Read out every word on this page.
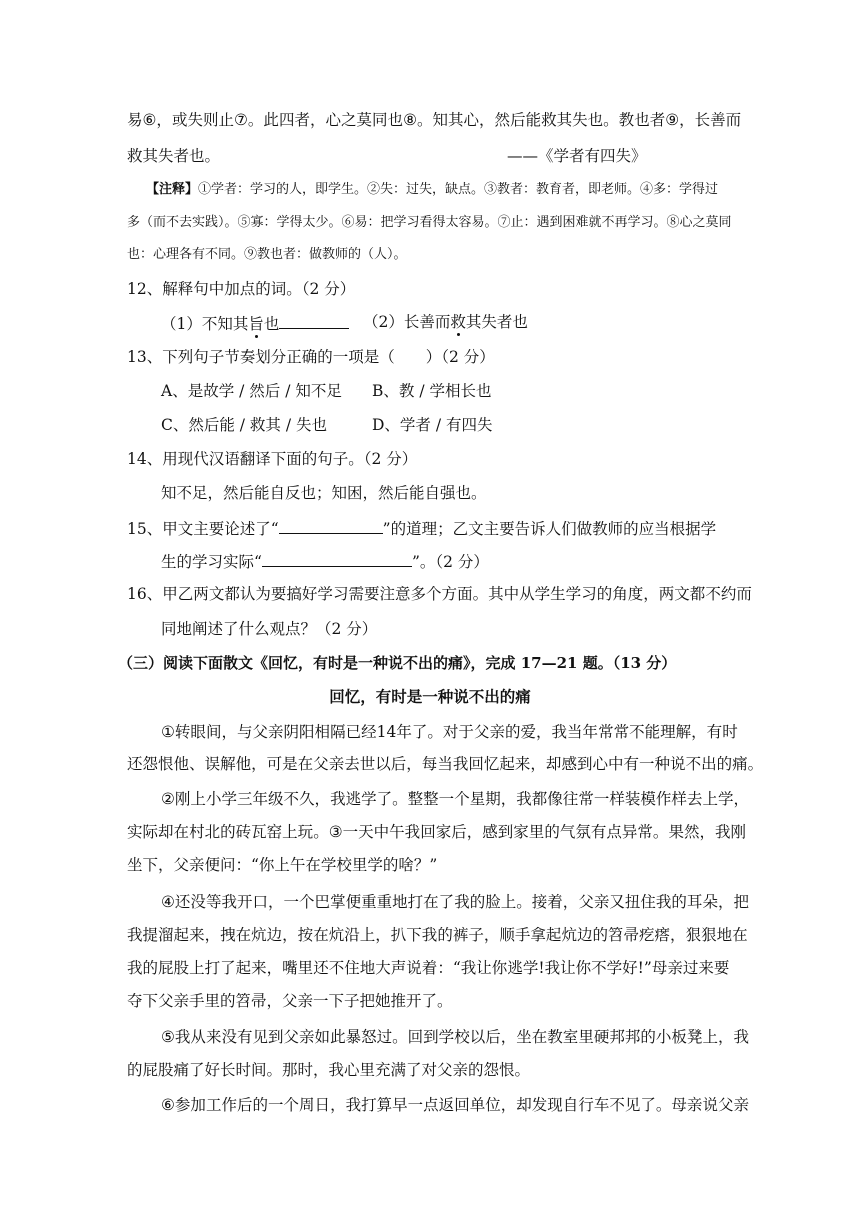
易 ⑥ ， 或 失 则 止 ⑦ 。 此 四 者 ， 心 之 莫 同 也 ⑧ 。 知 其 心 ， 然 后 能 救 其 失 也 。 教 也 者 ⑨ ， 长 善 而
救其失者也。	——《学者有四失》
【注释】①学者：学习的人，即学生。②失：过失，缺点。③教者：教育者，即老师。④多：学得过
多（而不去实践）。⑤寡：学得太少。⑥易：把学习看得太容易。⑦止：遇到困难就不再学习。⑧心之莫同
也：心理各有不同。⑨教也者：做教师的（人）。
12、解释句中加点的词。（2 分）
（1）不知其旨也	（2）长善而救其失者也
13、下列句子节奏划分正确的一项是（　　）（2 分）
A、是故学 / 然后 / 知不足 B、教 / 学相长也
C、然后能 / 救其 / 失也	D、学者 / 有四失
14、用现代汉语翻译下面的句子。（2 分）
知不足，然后能自反也；知困，然后能自强也。
15、甲文主要论述了“	”的道理；乙文主要告诉人们做教师的应当根据学
生的学习实际“	”。（2 分）
1 6 、 甲 乙 两 文 都 认 为 要 搞 好 学 习 需 要 注 意 多 个 方 面 。 其 中 从 学 生 学 习 的 角 度 ， 两 文 都 不 约 而
同地阐述了什么观点？（2 分）
（三）阅读下面散文《回忆，有时是一种说不出的痛》，完成 17—21 题。（13 分）
回忆，有时是一种说不出的痛
① 转 眼 间 ， 与 父 亲 阴 阳 相 隔 已 经 1 4 年 了 。 对 于 父 亲 的 爱 ， 我 当 年 常 常 不 能 理 解 ， 有 时
还 怨 恨 他 、 误 解 他 ， 可 是 在 父 亲 去 世 以 后 ， 每 当 我 回 忆 起 来 ， 却 感 到 心 中 有 一 种 说 不 出 的 痛 。
② 刚 上 小 学 三 年 级 不 久 ， 我 逃 学 了 。 整 整 一 个 星 期 ， 我 都 像 往 常 一 样 装 模 作 样 去 上 学 ，
实 际 却 在 村 北 的 砖 瓦 窑 上 玩 。 ③ 一 天 中 午 我 回 家 后 ， 感 到 家 里 的 气 氛 有 点 异 常 。 果 然 ， 我 刚
坐下，父亲便问：“你上午在学校里学的啥？”
④ 还 没 等 我 开 口 ， 一 个 巴 掌 便 重 重 地 打 在 了 我 的 脸 上 。 接 着 ， 父 亲 又 扭 住 我 的 耳 朵 ， 把
我 提 溜 起 来 ， 拽 在 炕 边 ， 按 在 炕 沿 上 ， 扒 下 我 的 裤 子 ， 顺 手 拿 起 炕 边 的 笤 帚 疙 瘩 ， 狠 狠 地 在
我 的 屁 股 上 打 了 起 来 ， 嘴 里 还 不 住 地 大 声 说 着 ： “ 我 让 你 逃 学 ! 我 让 你 不 学 好 ! ” 母 亲 过 来 要
夺下父亲手里的笤帚，父亲一下子把她推开了。
⑤ 我 从 来 没 有 见 到 父 亲 如 此 暴 怒 过 。 回 到 学 校 以 后 ， 坐 在 教 室 里 硬 邦 邦 的 小 板 凳 上 ， 我
的屁股痛了好长时间。那时，我心里充满了对父亲的怨恨。
⑥ 参 加 工 作 后 的 一 个 周 日 ， 我 打 算 早 一 点 返 回 单 位 ， 却 发 现 自 行 车 不 见 了 。 母 亲 说 父 亲
